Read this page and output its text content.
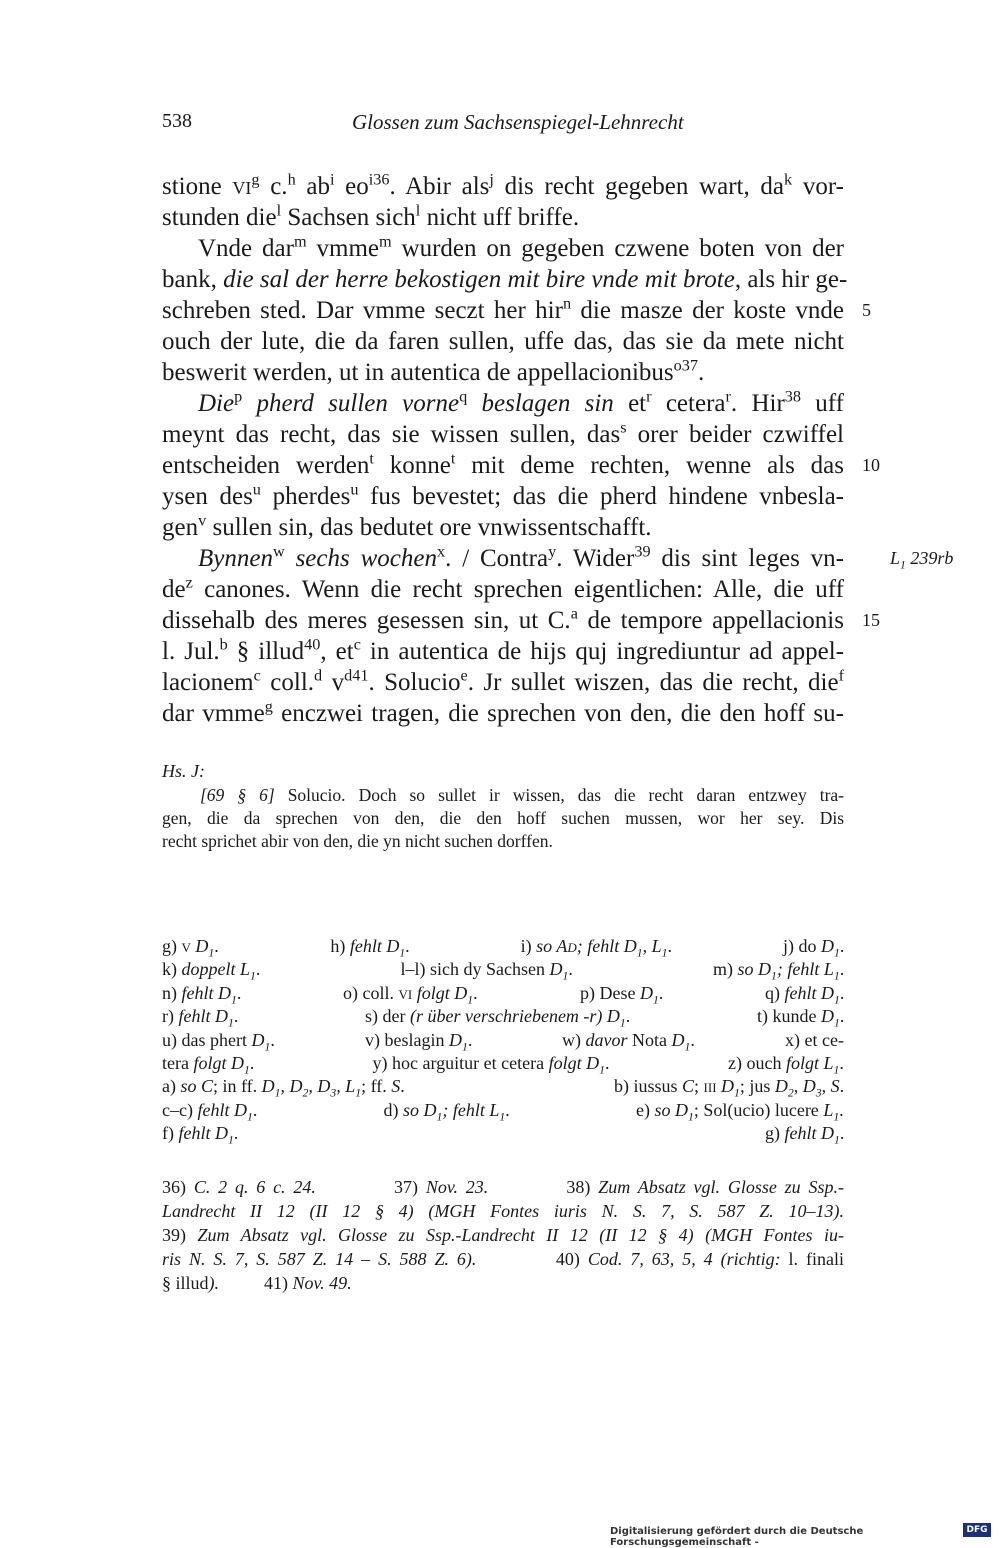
538	Glossen zum Sachsenspiegel-Lehnrecht
stione $vi^g$ c.$^h$ $ab^i$ $eo^{i36}$. Abir als$^j$ dis recht gegeben wart, $da^k$ vor-
stunden die$^l$ Sachsen sich$^l$ nicht uff briffe.
Vnde dar$^m$ vmme$^m$ wurden on gegeben czwene boten von der
bank, die sal der herre bekostigen mit bire vnde mit brote, als hir ge-
schreben sted. Dar vmme seczt her hir$^n$ die masze der koste vnde 5
ouch der lute, die da faren sullen, uffe das, das sie da mete nicht
beswerit werden, ut in autentica de appellacionibus$^{o37}$.
Die$^p$ pherd sullen vorne$^q$ beslagen $\sin et^r$ cetera$^r$. Hir$^{38}$ uff
meynt das recht, das sie wissen sullen, das$^s$ orer beider czwiffel
entscheiden werden$^t$ konne$^t$ mit deme rechten, wenne als das 10
ysen des$^u$ pherdes$^u$ fus bevestet; das die pherd hindene vnbesla-
gen$^v$ sullen sin, das bedutet ore vnwissentschafft.
Bynnen$^w$ sechs wochen$^x$. / Contra$^y$. Wider$^{39}$ dis sint leges vn-	$L_1$ 239rb
$de^z$ canones. Wenn die recht sprechen eigentlichen: Alle, die uff
dissehalb des meres gesessen sin, ut C.$^a$ de tempore appellacionis 15
l. Jul.$^b$ § illud$^{40}$, $et^c$ in autentica de hijs quj ingrediuntur ad appel-
lacionem$^c$ coll.$^d$ $v^{d41}$. Solucio$^e$. Jr sullet wiszen, das die recht, die$^f$
dar vmme$^g$ enczwei tragen, die sprechen von den, die den hoff su-
Hs. J:
[69 § 6] Solucio. Doch so sullet ir wissen, das die recht daran entzwey tra-
gen, die da sprechen von den, die den hoff suchen mussen, wor her sey. Dis
recht sprichet abir von den, die yn nicht suchen dorffen.
g) v $D_1$.	h) fehlt $D_1$.	i) so Ad; fehlt $D_1$, $L_1$.	j) do $D_1$.
k) doppelt $L_1$.	l–l) sich dy Sachsen $D_1$.	m) so $D_1$; fehlt $L_1$.
n) fehlt $D_1$.	o) coll. vi folgt $D_1$.	p) Dese $D_1$.	q) fehlt $D_1$.
r) fehlt $D_1$.	s) der (r über verschriebenem -r) $D_1$.	t) kunde $D_1$.
u) das phert $D_1$.	v) beslagin $D_1$.	w) davor Nota $D_1$.	x) et ce-
tera folgt $D_1$.	y) hoc arguitur et cetera folgt $D_1$.	z) ouch folgt $L_1$.
a) so C; in ff. $D_1$, $D_2$, $D_3$, $L_1$; ff. S.	b) iussus C; iii $D_1$; jus $D_2$, $D_3$, S.
c–c) fehlt $D_1$.	d) so $D_1$; fehlt $L_1$.	e) so $D_1$; Sol(ucio) lucere $L_1$.
f) fehlt $D_1$.	g) fehlt $D_1$.
36) C. 2 q. 6 c. 24.          37) Nov. 23.          38) Zum Absatz vgl. Glosse zu Ssp.-
Landrecht II 12 (II 12 § 4) (MGH Fontes iuris N. S. 7, S. 587 Z. 10–13).
39) Zum Absatz vgl. Glosse zu Ssp.-Landrecht II 12 (II 12 § 4) (MGH Fontes iu-
ris N. S. 7, S. 587 Z. 14 – S. 588 Z. 6).          40) Cod. 7, 63, 5, 4 (richtig: l. finali
§ illud).          41) Nov. 49.
Digitalisierung gefördert durch die Deutsche Forschungsgemeinschaft -
DFG
